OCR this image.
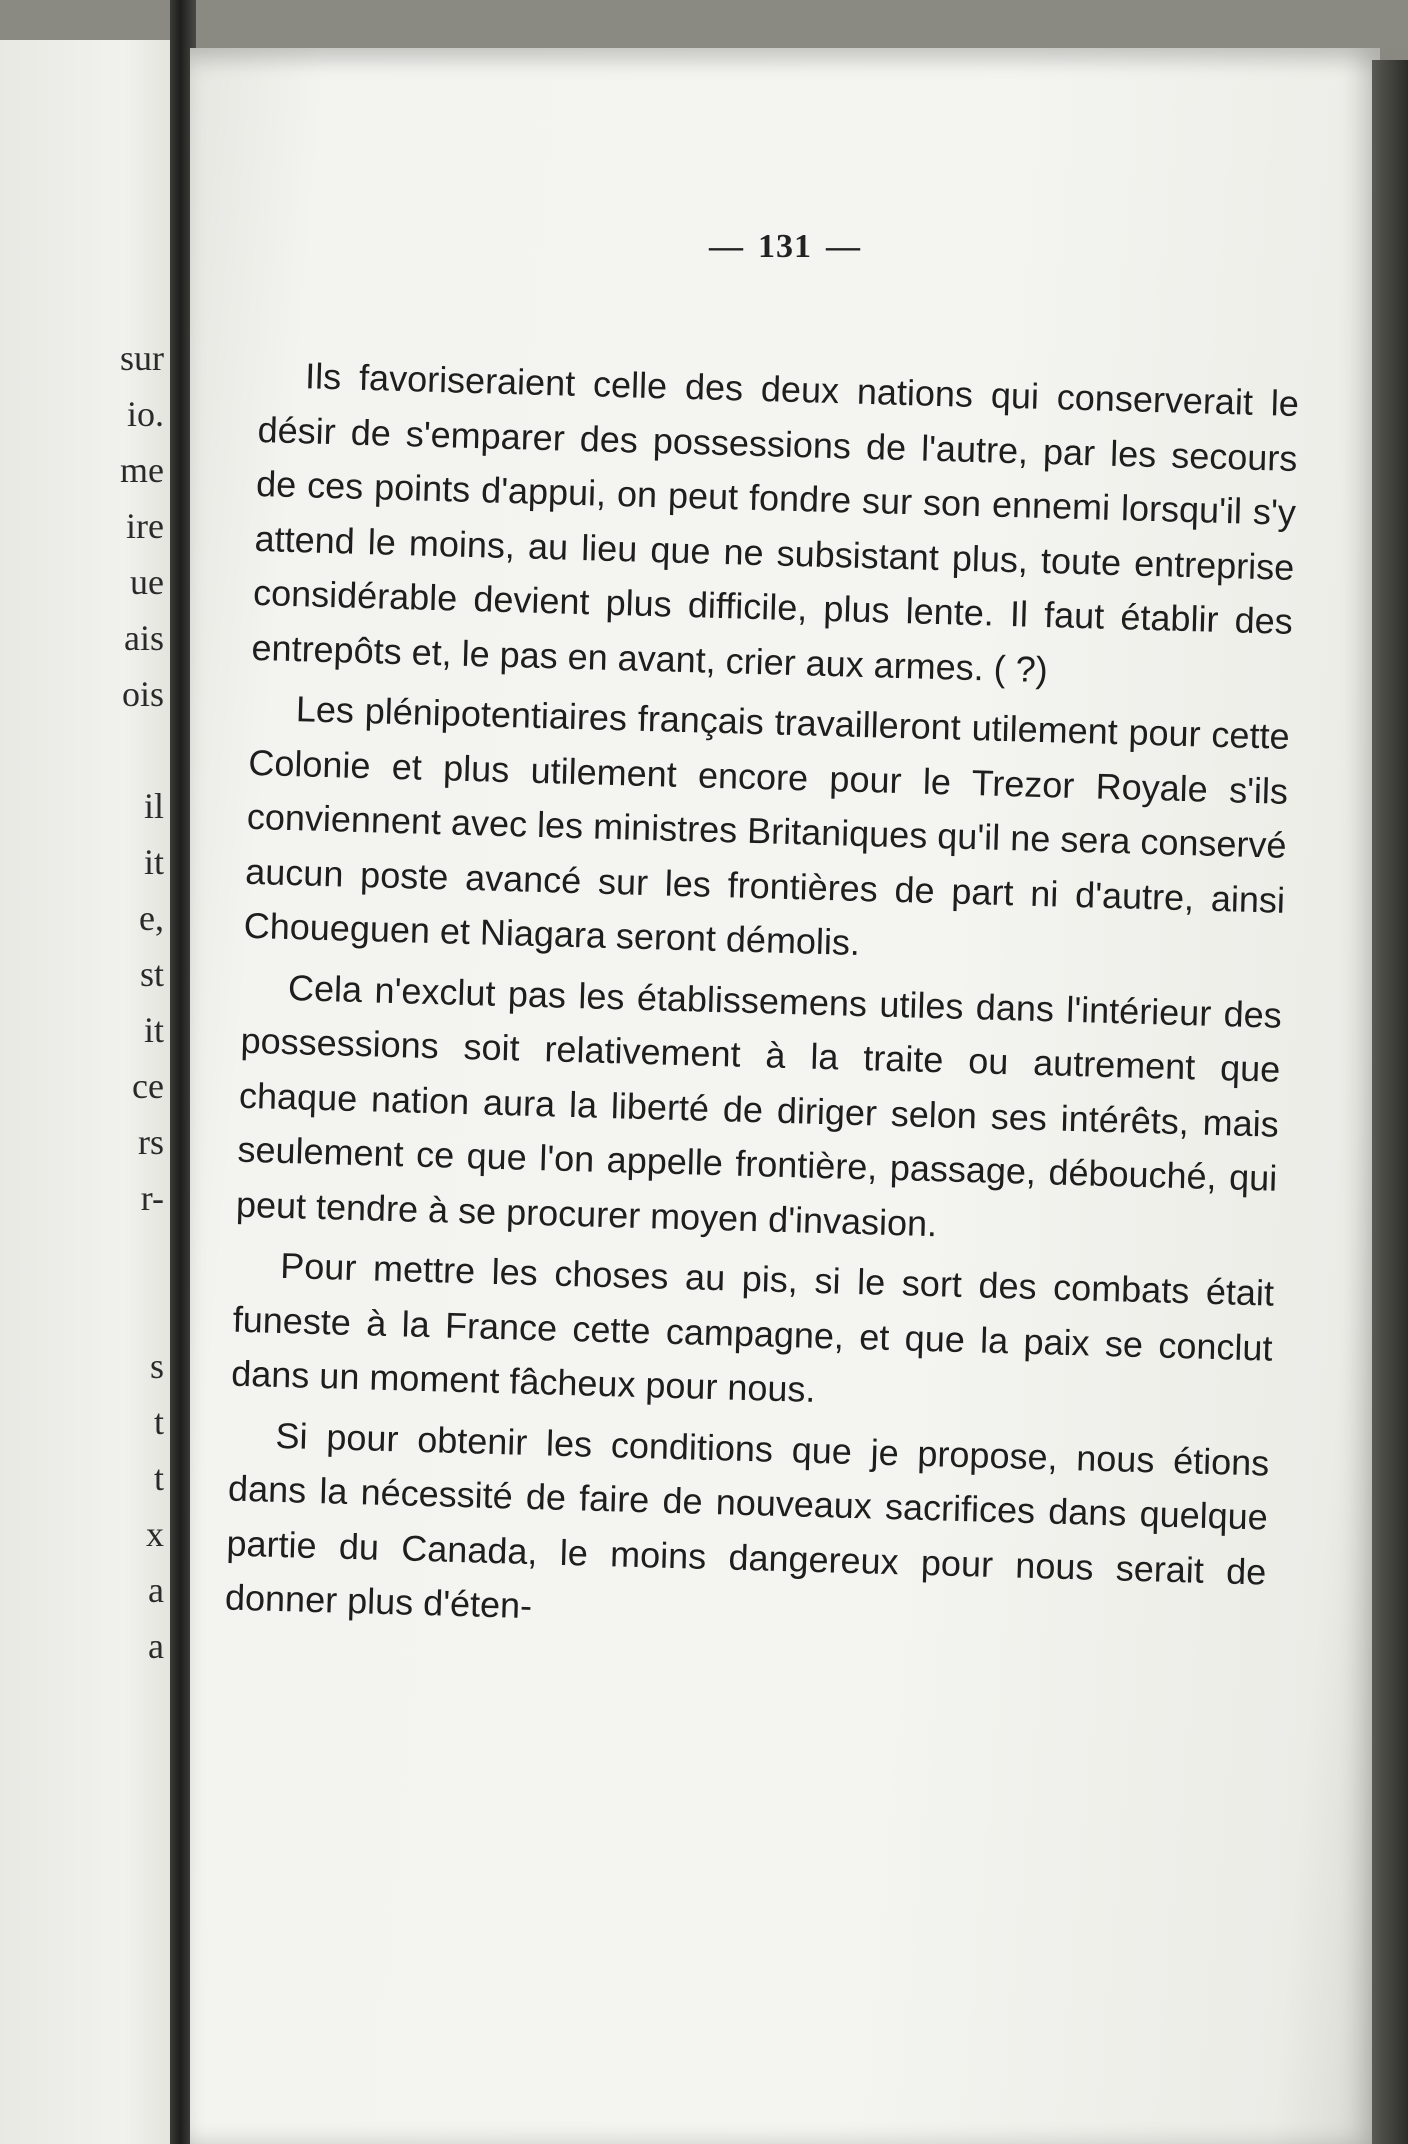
sur
io.
me
ire
ue
ais
ois
il
it
e,
st
it
ce
rs
r-
s
t
t
x
a
a
— 131 —

Ils favoriseraient celle des deux nations qui conserverait le désir de s'emparer des possessions de l'autre, par les secours de ces points d'appui, on peut fondre sur son ennemi lorsqu'il s'y attend le moins, au lieu que ne subsistant plus, toute entreprise considérable devient plus difficile, plus lente. Il faut établir des entrepôts et, le pas en avant, crier aux armes. ( ?)

Les plénipotentiaires français travailleront utilement pour cette Colonie et plus utilement encore pour le Trezor Royale s'ils conviennent avec les ministres Britaniques qu'il ne sera conservé aucun poste avancé sur les frontières de part ni d'autre, ainsi Choueguen et Niagara seront démolis.

Cela n'exclut pas les établissemens utiles dans l'intérieur des possessions soit relativement à la traite ou autrement que chaque nation aura la liberté de diriger selon ses intérêts, mais seulement ce que l'on appelle frontière, passage, débouché, qui peut tendre à se procurer moyen d'invasion.

Pour mettre les choses au pis, si le sort des combats était funeste à la France cette campagne, et que la paix se conclut dans un moment fâcheux pour nous.

Si pour obtenir les conditions que je propose, nous étions dans la nécessité de faire de nouveaux sacrifices dans quelque partie du Canada, le moins dangereux pour nous serait de donner plus d'éten-
